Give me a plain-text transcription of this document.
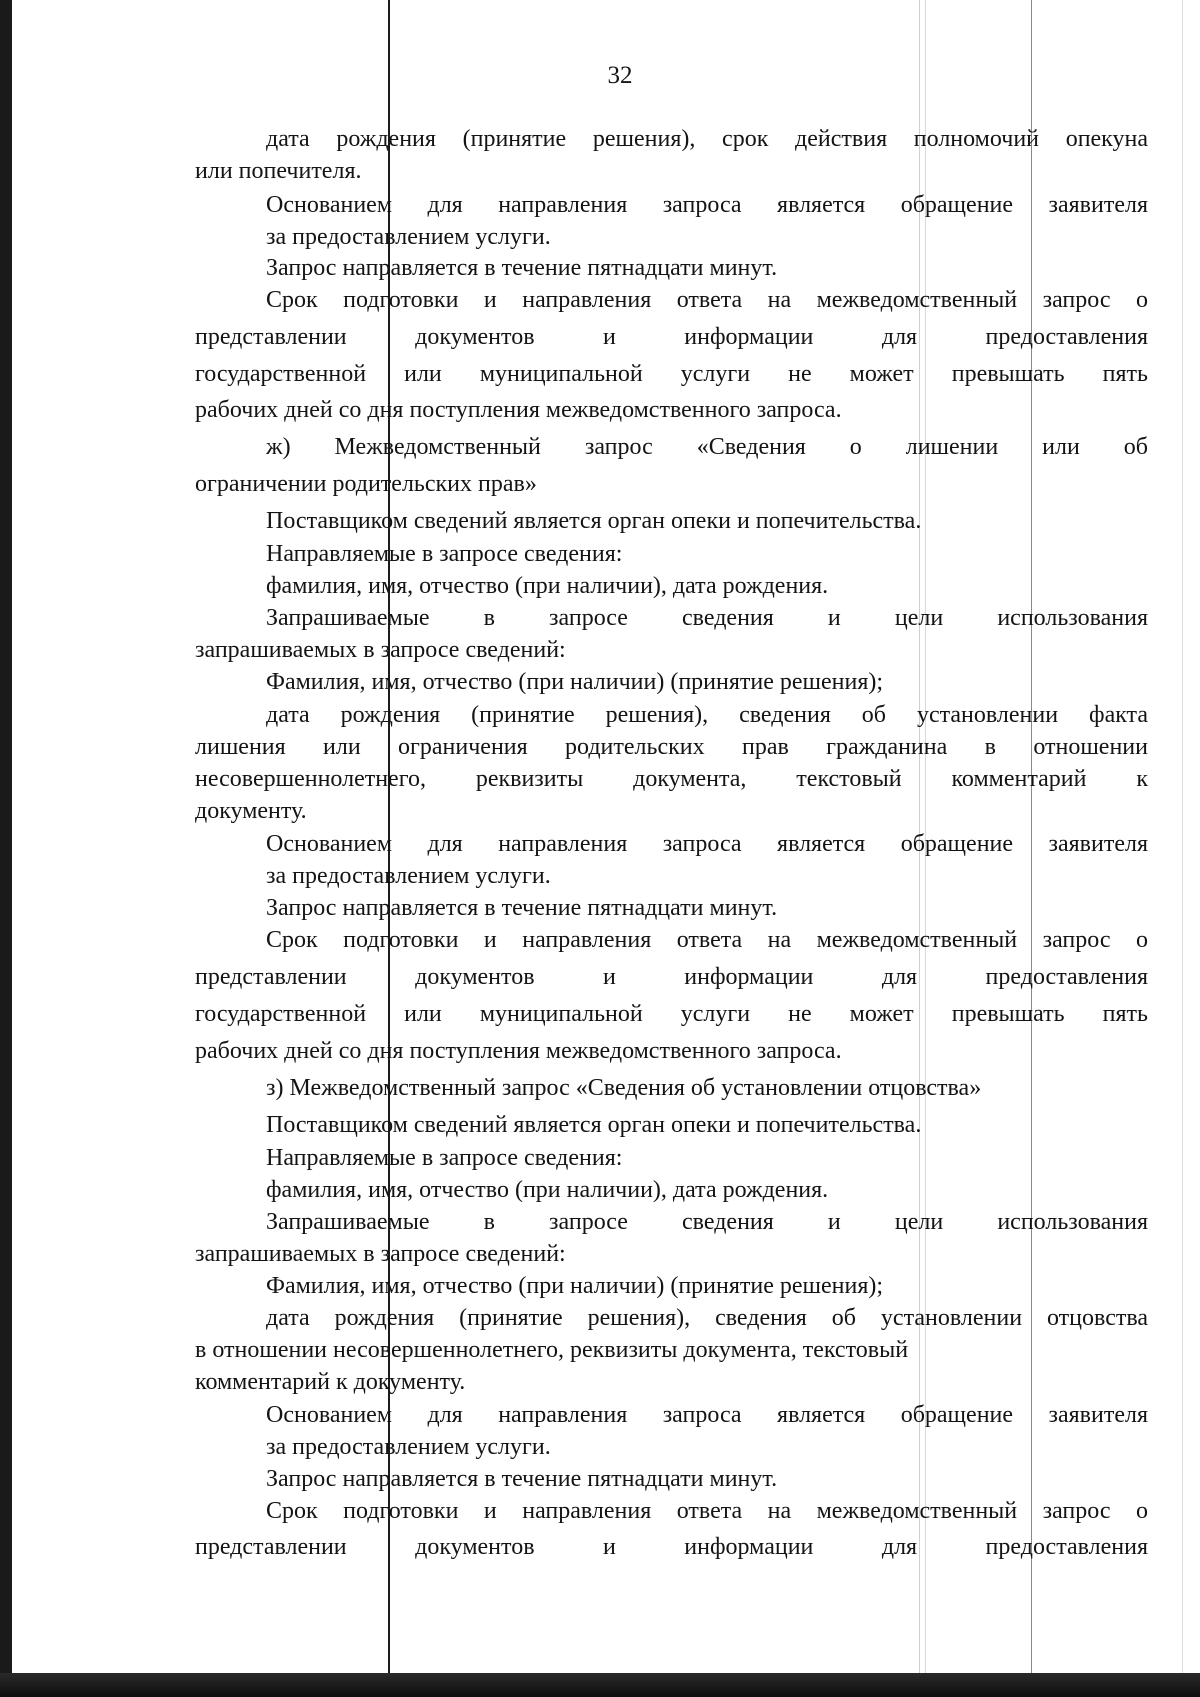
32
дата рождения (принятие решения), срок действия полномочий опекуна
или попечителя.
Основанием для направления запроса является обращение заявителя
за предоставлением услуги.
Запрос направляется в течение пятнадцати минут.
Срок подготовки и направления ответа на межведомственный запрос о
представлении документов и информации для предоставления
государственной или муниципальной услуги не может превышать пять
рабочих дней со дня поступления межведомственного запроса.
ж) Межведомственный запрос «Сведения о лишении или об
ограничении родительских прав»
Поставщиком сведений является орган опеки и попечительства.
Направляемые в запросе сведения:
фамилия, имя, отчество (при наличии), дата рождения.
Запрашиваемые в запросе сведения и цели использования
запрашиваемых в запросе сведений:
Фамилия, имя, отчество (при наличии) (принятие решения);
дата рождения (принятие решения), сведения об установлении факта
лишения или ограничения родительских прав гражданина в отношении
несовершеннолетнего, реквизиты документа, текстовый комментарий к
документу.
Основанием для направления запроса является обращение заявителя
за предоставлением услуги.
Запрос направляется в течение пятнадцати минут.
Срок подготовки и направления ответа на межведомственный запрос о
представлении документов и информации для предоставления
государственной или муниципальной услуги не может превышать пять
рабочих дней со дня поступления межведомственного запроса.
з) Межведомственный запрос «Сведения об установлении отцовства»
Поставщиком сведений является орган опеки и попечительства.
Направляемые в запросе сведения:
фамилия, имя, отчество (при наличии), дата рождения.
Запрашиваемые в запросе сведения и цели использования
запрашиваемых в запросе сведений:
Фамилия, имя, отчество (при наличии) (принятие решения);
дата рождения (принятие решения), сведения об установлении отцовства
в отношении несовершеннолетнего, реквизиты документа, текстовый
комментарий к документу.
Основанием для направления запроса является обращение заявителя
за предоставлением услуги.
Запрос направляется в течение пятнадцати минут.
Срок подготовки и направления ответа на межведомственный запрос о
представлении документов и информации для предоставления
